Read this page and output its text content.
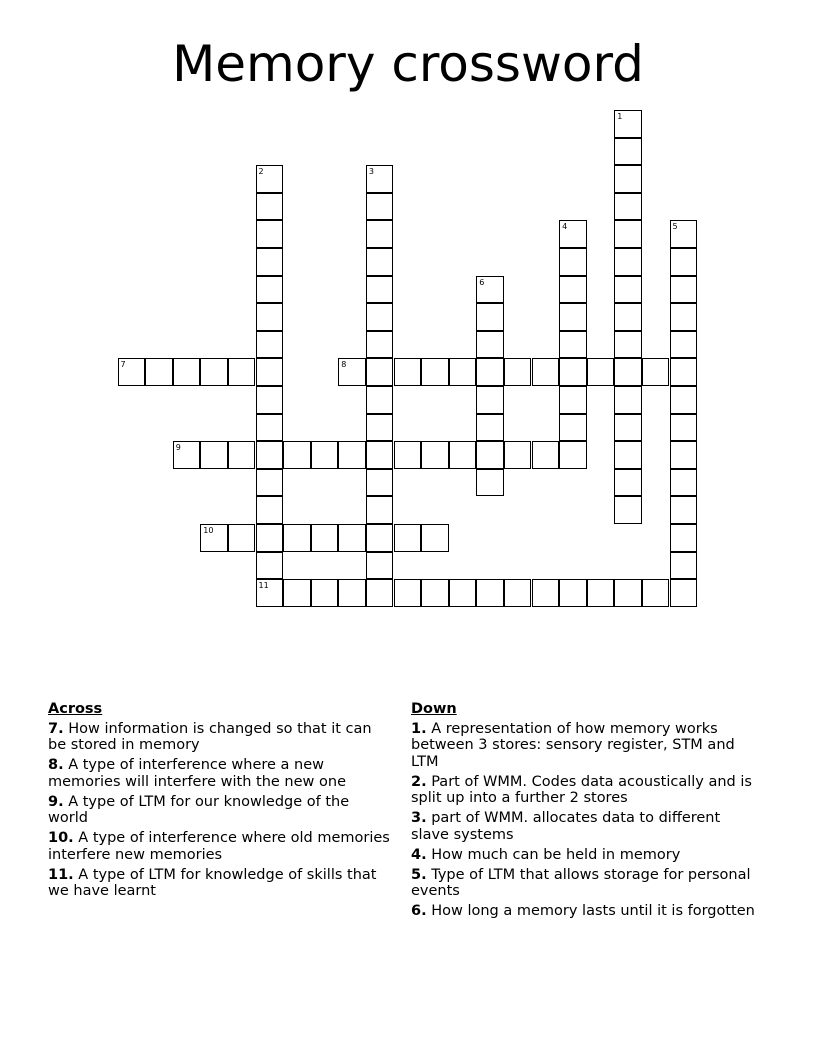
Memory crossword
1
2	3
4	5
6
7	8
9
10
11
Across
7. How information is changed so that it can be stored in memory
8. A type of interference where a new memories will interfere with the new one
9. A type of LTM for our knowledge of the world
10. A type of interference where old memories interfere new memories
11. A type of LTM for knowledge of skills that we have learnt
Down
1. A representation of how memory works between 3 stores: sensory register, STM and LTM
2. Part of WMM. Codes data acoustically and is split up into a further 2 stores
3. part of WMM. allocates data to different slave systems
4. How much can be held in memory
5. Type of LTM that allows storage for personal events
6. How long a memory lasts until it is forgotten
